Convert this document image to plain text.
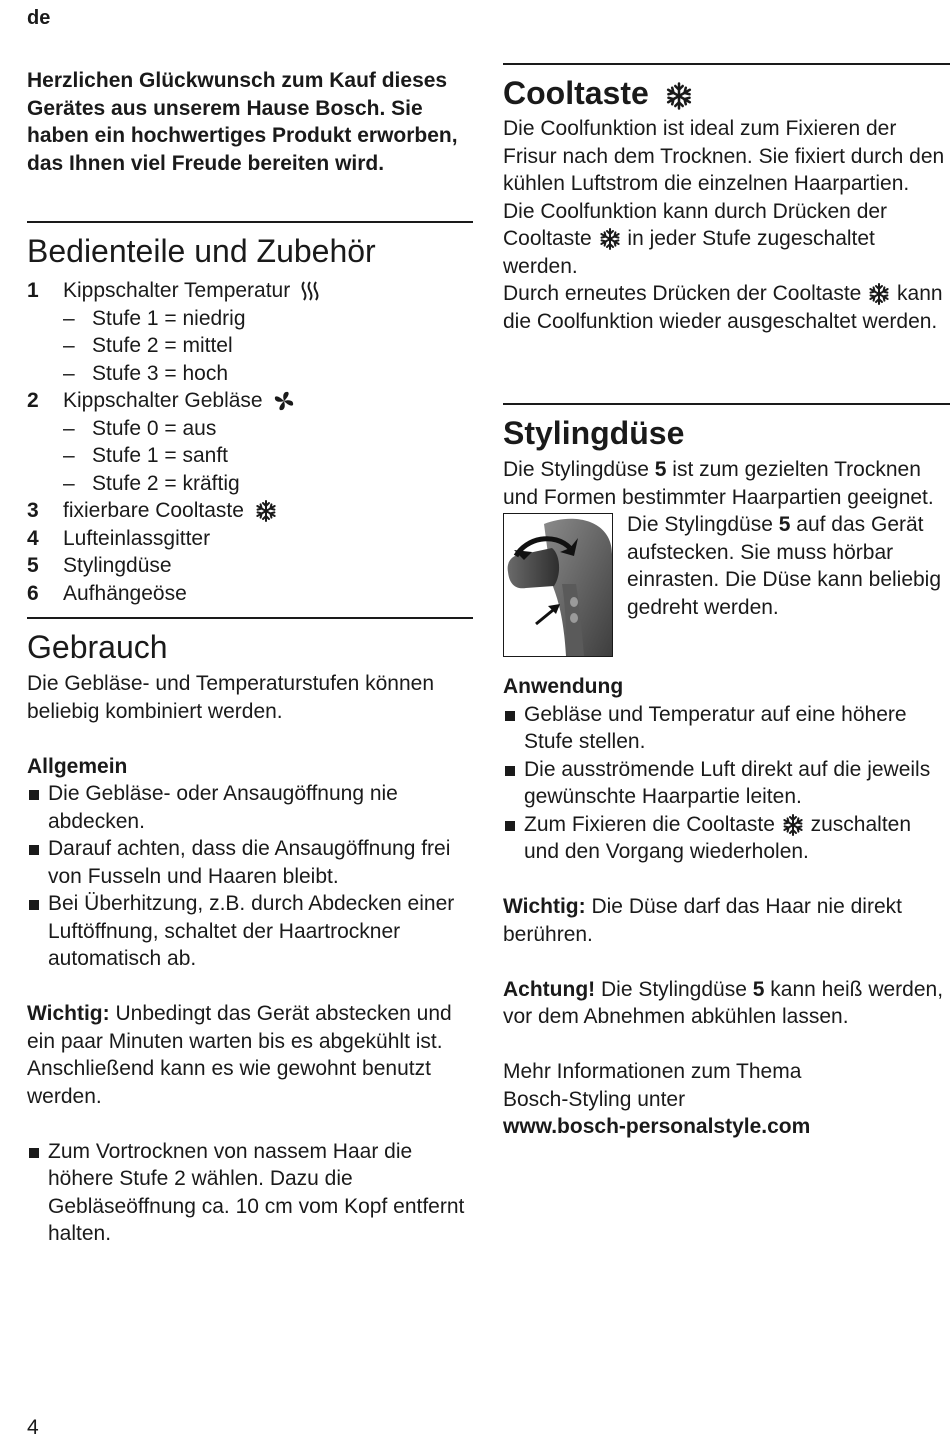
de
Herzlichen Glückwunsch zum Kauf dieses Gerätes aus unserem Hause Bosch. Sie haben ein hochwertiges Produkt erworben, das Ihnen viel Freude bereiten wird.
Bedienteile und Zubehör
1	Kippschalter Temperatur
– Stufe 1 = niedrig
– Stufe 2 = mittel
– Stufe 3 = hoch
2	Kippschalter Gebläse
– Stufe 0 = aus
– Stufe 1 = sanft
– Stufe 2 = kräftig
3	fixierbare Cooltaste
4	Lufteinlassgitter
5	Stylingdüse
6	Aufhängeöse
Gebrauch

Die Gebläse- und Temperaturstufen können beliebig kombiniert werden.

Allgemein
Die Gebläse- oder Ansaugöffnung nie abdecken.
Darauf achten, dass die Ansaugöffnung frei von Fusseln und Haaren bleibt.
Bei Überhitzung, z.B. durch Abdecken einer Luftöffnung, schaltet der Haartrockner automatisch ab.

Wichtig: Unbedingt das Gerät abstecken und ein paar Minuten warten bis es abgekühlt ist. Anschließend kann es wie gewohnt benutzt werden.

Zum Vortrocknen von nassem Haar die höhere Stufe 2 wählen. Dazu die Gebläseöffnung ca. 10 cm vom Kopf entfernt halten.
Cooltaste

Die Coolfunktion ist ideal zum Fixieren der Frisur nach dem Trocknen. Sie fixiert durch den kühlen Luftstrom die einzelnen Haarpartien.

Die Coolfunktion kann durch Drücken der Cooltaste  in jeder Stufe zugeschaltet werden.

Durch erneutes Drücken der Cooltaste  kann die Coolfunktion wieder ausgeschaltet werden.

Stylingdüse

Die Stylingdüse 5 ist zum gezielten Trocknen und Formen bestimmter Haarpartien geeignet.

Die Stylingdüse 5 auf das Gerät aufstecken. Sie muss hörbar einrasten. Die Düse kann beliebig gedreht werden.

Anwendung
Gebläse und Temperatur auf eine höhere Stufe stellen.
Die ausströmende Luft direkt auf die jeweils gewünschte Haarpartie leiten.
Zum Fixieren die Cooltaste  zuschalten und den Vorgang wiederholen.

Wichtig: Die Düse darf das Haar nie direkt berühren.

Achtung! Die Stylingdüse 5 kann heiß werden, vor dem Abnehmen abkühlen lassen.

Mehr Informationen zum Thema Bosch-Styling unter

www.bosch-personalstyle.com

4
